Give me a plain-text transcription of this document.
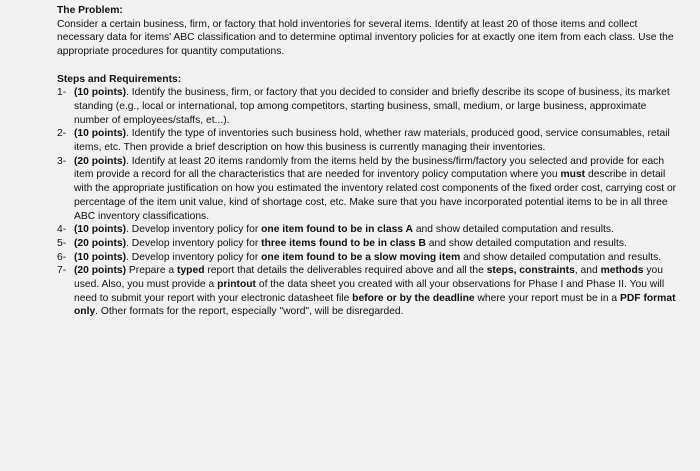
The Problem:

Consider a certain business, firm, or factory that hold inventories for several items. Identify at least 20 of those items and collect necessary data for items' ABC classification and to determine optimal inventory policies for at exactly one item from each class. Use the appropriate procedures for quantity computations.

Steps and Requirements:

1- (10 points). Identify the business, firm, or factory that you decided to consider and briefly describe its scope of business, its market standing (e.g., local or international, top among competitors, starting business, small, medium, or large business, approximate number of employees/staffs, et...).
2- (10 points). Identify the type of inventories such business hold, whether raw materials, produced good, service consumables, retail items, etc. Then provide a brief description on how this business is currently managing their inventories.
3- (20 points). Identify at least 20 items randomly from the items held by the business/firm/factory you selected and provide for each item provide a record for all the characteristics that are needed for inventory policy computation where you must describe in detail with the appropriate justification on how you estimated the inventory related cost components of the fixed order cost, carrying cost or percentage of the item unit value, kind of shortage cost, etc. Make sure that you have incorporated potential items to be in all three ABC inventory classifications.
4- (10 points). Develop inventory policy for one item found to be in class A and show detailed computation and results.
5- (20 points). Develop inventory policy for three items found to be in class B and show detailed computation and results.
6- (10 points). Develop inventory policy for one item found to be a slow moving item and show detailed computation and results.
7- (20 points) Prepare a typed report that details the deliverables required above and all the steps, constraints, and methods you used. Also, you must provide a printout of the data sheet you created with all your observations for Phase I and Phase II. You will need to submit your report with your electronic datasheet file before or by the deadline where your report must be in a PDF format only. Other formats for the report, especially "word", will be disregarded.
